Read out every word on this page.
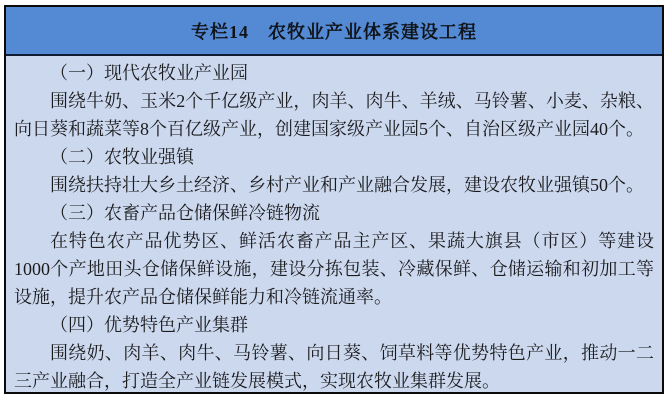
专栏14　农牧业产业体系建设工程
（一）现代农牧业产业园

围绕牛奶、玉米2个千亿级产业，肉羊、肉牛、羊绒、马铃薯、小麦、杂粮、向日葵和蔬菜等8个百亿级产业，创建国家级产业园5个、自治区级产业园40个。

（二）农牧业强镇

围绕扶持壮大乡土经济、乡村产业和产业融合发展，建设农牧业强镇50个。

（三）农畜产品仓储保鲜冷链物流

在特色农产品优势区、鲜活农畜产品主产区、果蔬大旗县（市区）等建设1000个产地田头仓储保鲜设施，建设分拣包装、冷藏保鲜、仓储运输和初加工等设施，提升农产品仓储保鲜能力和冷链流通率。

（四）优势特色产业集群

围绕奶、肉羊、肉牛、马铃薯、向日葵、饲草料等优势特色产业，推动一二三产业融合，打造全产业链发展模式，实现农牧业集群发展。
